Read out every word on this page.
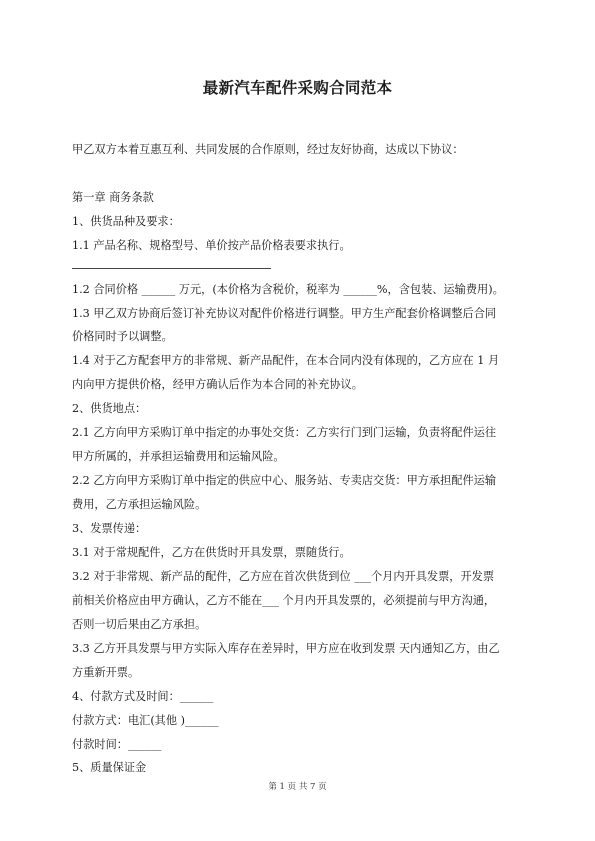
最新汽车配件采购合同范本

甲乙双方本着互惠互利、共同发展的合作原则，经过友好协商，达成以下协议：

第一章 商务条款

1、供货品种及要求：

1.1 产品名称、规格型号、单价按产品价格表要求执行。

1.2 合同价格 ______ 万元，(本价格为含税价，税率为 ______%，含包装、运输费用)。

1.3 甲乙双方协商后签订补充协议对配件价格进行调整。甲方生产配套价格调整后合同

价格同时予以调整。

1.4 对于乙方配套甲方的非常规、新产品配件，在本合同内没有体现的，乙方应在 1 月

内向甲方提供价格，经甲方确认后作为本合同的补充协议。

2、供货地点：

2.1 乙方向甲方采购订单中指定的办事处交货：乙方实行门到门运输，负责将配件运往

甲方所属的，并承担运输费用和运输风险。

2.2 乙方向甲方采购订单中指定的供应中心、服务站、专卖店交货：甲方承担配件运输

费用，乙方承担运输风险。

3、发票传递：

3.1 对于常规配件，乙方在供货时开具发票，票随货行。

3.2 对于非常规、新产品的配件，乙方应在首次供货到位 ___个月内开具发票，开发票

前相关价格应由甲方确认，乙方不能在___ 个月内开具发票的，必须提前与甲方沟通，

否则一切后果由乙方承担。

3.3 乙方开具发票与甲方实际入库存在差异时，甲方应在收到发票 天内通知乙方，由乙

方重新开票。

4、付款方式及时间：______

付款方式：电汇(其他 )______

付款时间：______

5、质量保证金

第 1 页 共 7 页
